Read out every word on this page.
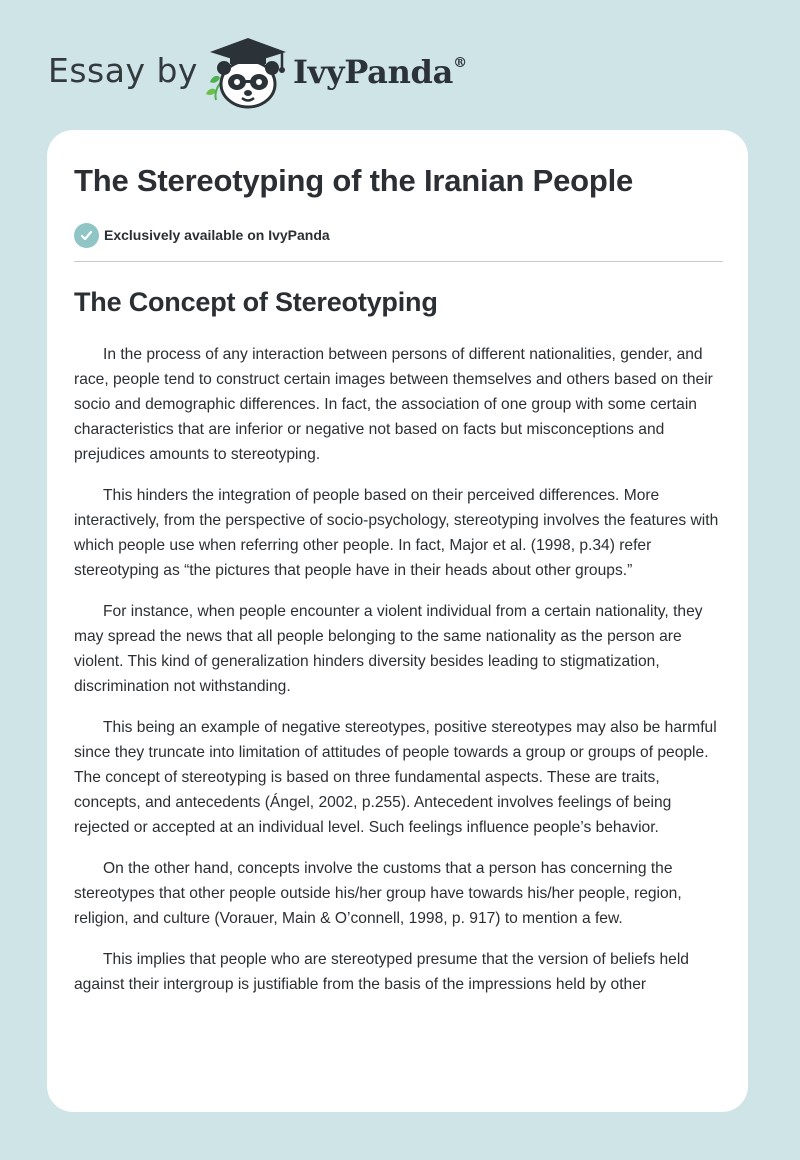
Essay by	IvyPanda®
The Stereotyping of the Iranian People
Exclusively available on IvyPanda
The Concept of Stereotyping

In the process of any interaction between persons of different nationalities, gender, and race, people tend to construct certain images between themselves and others based on their socio and demographic differences. In fact, the association of one group with some certain characteristics that are inferior or negative not based on facts but misconceptions and prejudices amounts to stereotyping.

This hinders the integration of people based on their perceived differences. More interactively, from the perspective of socio-psychology, stereotyping involves the features with which people use when referring other people. In fact, Major et al. (1998, p.34) refer stereotyping as “the pictures that people have in their heads about other groups.”

For instance, when people encounter a violent individual from a certain nationality, they may spread the news that all people belonging to the same nationality as the person are violent. This kind of generalization hinders diversity besides leading to stigmatization, discrimination not withstanding.

This being an example of negative stereotypes, positive stereotypes may also be harmful since they truncate into limitation of attitudes of people towards a group or groups of people. The concept of stereotyping is based on three fundamental aspects. These are traits, concepts, and antecedents (Ángel, 2002, p.255). Antecedent involves feelings of being rejected or accepted at an individual level. Such feelings influence people’s behavior.

On the other hand, concepts involve the customs that a person has concerning the stereotypes that other people outside his/her group have towards his/her people, region, religion, and culture (Vorauer, Main & O’connell, 1998, p. 917) to mention a few.

This implies that people who are stereotyped presume that the version of beliefs held against their intergroup is justifiable from the basis of the impressions held by other
